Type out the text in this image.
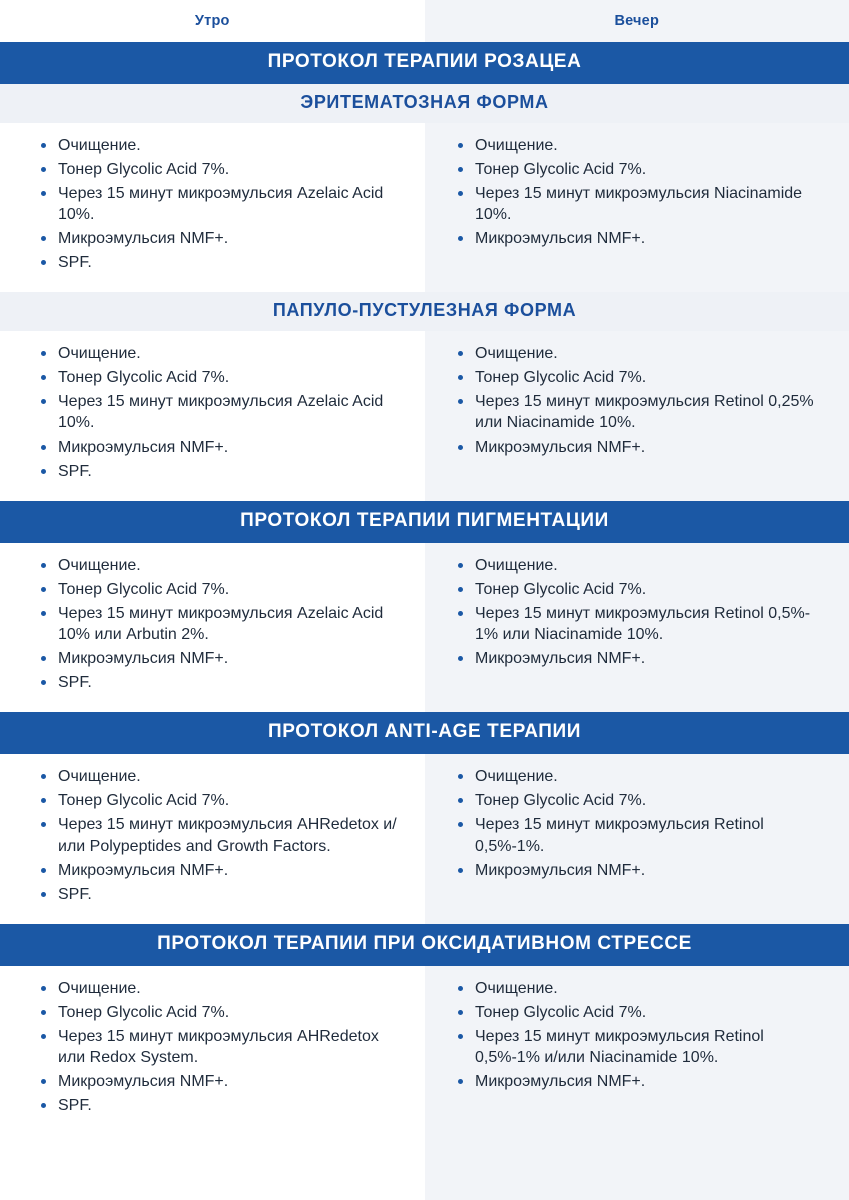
Утро	Вечер
ПРОТОКОЛ ТЕРАПИИ РОЗАЦЕА
ЭРИТЕМАТОЗНАЯ ФОРМА
Очищение.
Тонер Glycolic Acid 7%.
Через 15 минут микроэмульсия Azelaic Acid 10%.
Микроэмульсия NMF+.
SPF.
Очищение.
Тонер Glycolic Acid 7%.
Через 15 минут микроэмульсия Niacinamide 10%.
Микроэмульсия NMF+.
ПАПУЛО-ПУСТУЛЕЗНАЯ ФОРМА
Очищение.
Тонер Glycolic Acid 7%.
Через 15 минут микроэмульсия Azelaic Acid 10%.
Микроэмульсия NMF+.
SPF.
Очищение.
Тонер Glycolic Acid 7%.
Через 15 минут микроэмульсия Retinol 0,25% или Niacinamide 10%.
Микроэмульсия NMF+.
ПРОТОКОЛ ТЕРАПИИ ПИГМЕНТАЦИИ
Очищение.
Тонер Glycolic Acid 7%.
Через 15 минут микроэмульсия Azelaic Acid 10% или Arbutin 2%.
Микроэмульсия NMF+.
SPF.
Очищение.
Тонер Glycolic Acid 7%.
Через 15 минут микроэмульсия Retinol 0,5%- 1% или Niacinamide 10%.
Микроэмульсия NMF+.
ПРОТОКОЛ ANTI-AGE ТЕРАПИИ
Очищение.
Тонер Glycolic Acid 7%.
Через 15 минут микроэмульсия AHRedetox и/или Polypeptides and Growth Factors.
Микроэмульсия NMF+.
SPF.
Очищение.
Тонер Glycolic Acid 7%.
Через 15 минут микроэмульсия Retinol 0,5%-1%.
Микроэмульсия NMF+.
ПРОТОКОЛ ТЕРАПИИ ПРИ ОКСИДАТИВНОМ СТРЕССЕ
Очищение.
Тонер Glycolic Acid 7%.
Через 15 минут микроэмульсия AHRedetox или Redox System.
Микроэмульсия NMF+.
SPF.
Очищение.
Тонер Glycolic Acid 7%.
Через 15 минут микроэмульсия Retinol 0,5%-1% и/или Niacinamide 10%.
Микроэмульсия NMF+.
